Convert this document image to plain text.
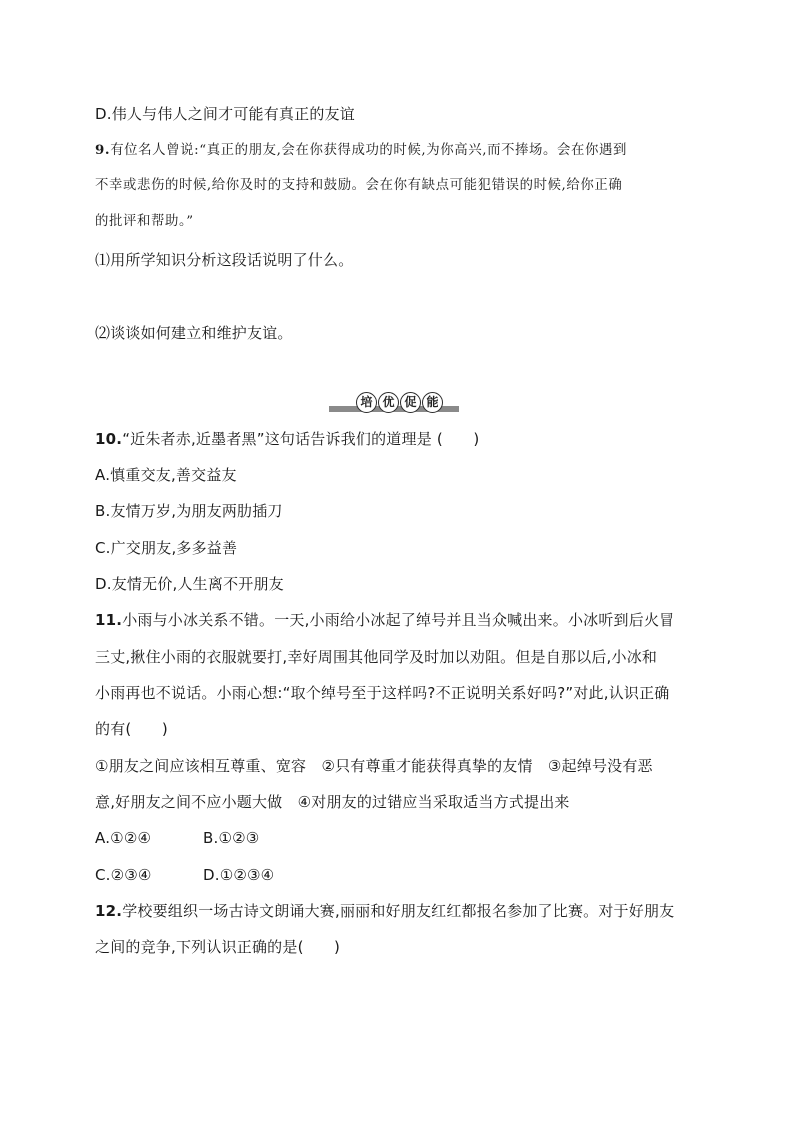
D.伟人与伟人之间才可能有真正的友谊
9.有位名人曾说:“真正的朋友,会在你获得成功的时候,为你高兴,而不捧场。会在你遇到
不幸或悲伤的时候,给你及时的支持和鼓励。会在你有缺点可能犯错误的时候,给你正确
的批评和帮助。”
⑴用所学知识分析这段话说明了什么。
⑵谈谈如何建立和维护友谊。
培 优 促 能
10.“近朱者赤,近墨者黑”这句话告诉我们的道理是 (　　)
A.慎重交友,善交益友
B.友情万岁,为朋友两肋插刀
C.广交朋友,多多益善
D.友情无价,人生离不开朋友
11.小雨与小冰关系不错。一天,小雨给小冰起了绰号并且当众喊出来。小冰听到后火冒
三丈,揪住小雨的衣服就要打,幸好周围其他同学及时加以劝阻。但是自那以后,小冰和
小雨再也不说话。小雨心想:“取个绰号至于这样吗?不正说明关系好吗?”对此,认识正确
的有(　　)
①朋友之间应该相互尊重、宽容　②只有尊重才能获得真挚的友情　③起绰号没有恶
意,好朋友之间不应小题大做　④对朋友的过错应当采取适当方式提出来
A.①②④	B.①②③
C.②③④	D.①②③④
12.学校要组织一场古诗文朗诵大赛,丽丽和好朋友红红都报名参加了比赛。对于好朋友
之间的竞争,下列认识正确的是(　　)
